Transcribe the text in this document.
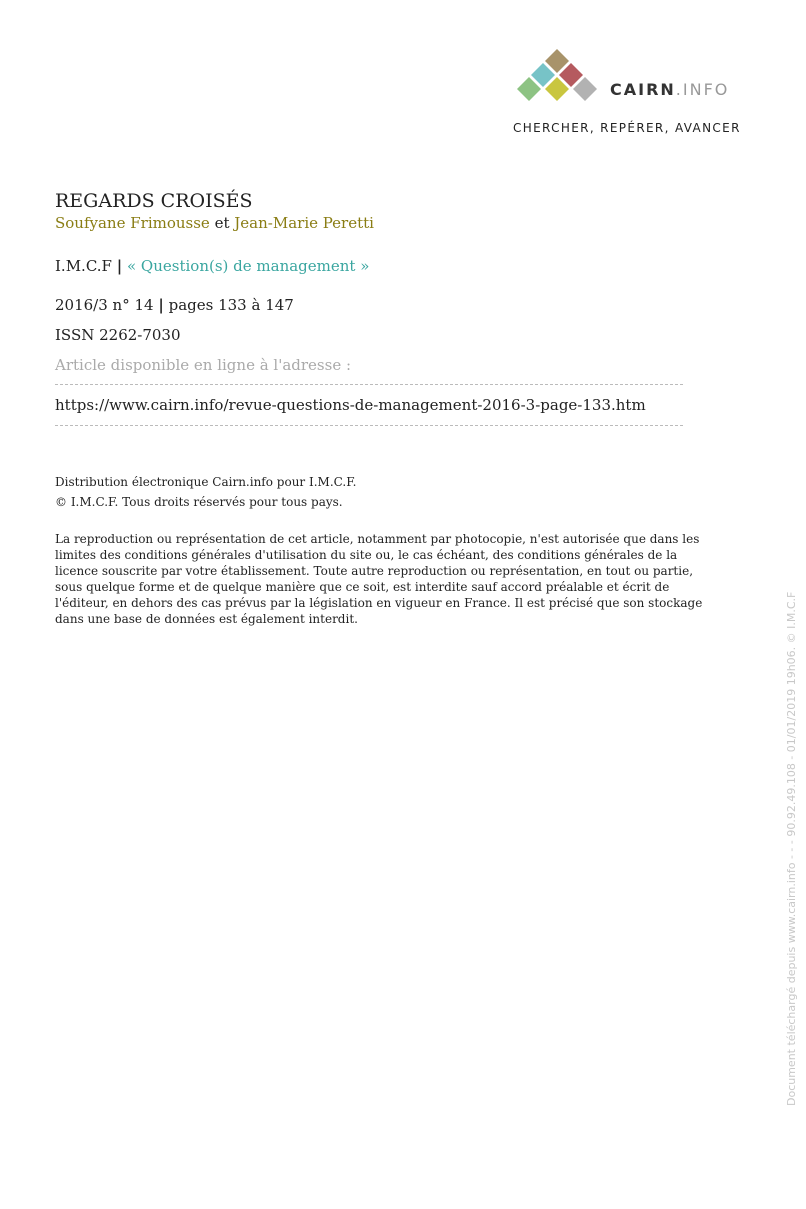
CAIRN.INFO
CHERCHER, REPÉRER, AVANCER
REGARDS CROISÉS
Soufyane Frimousse et Jean-Marie Peretti
I.M.C.F | « Question(s) de management »
2016/3 n° 14 | pages 133 à 147
ISSN 2262-7030
Article disponible en ligne à l'adresse :
https://www.cairn.info/revue-questions-de-management-2016-3-page-133.htm
Distribution électronique Cairn.info pour I.M.C.F.
© I.M.C.F. Tous droits réservés pour tous pays.

La reproduction ou représentation de cet article, notamment par photocopie, n'est autorisée que dans les

limites des conditions générales d'utilisation du site ou, le cas échéant, des conditions générales de la

licence souscrite par votre établissement. Toute autre reproduction ou représentation, en tout ou partie,

sous quelque forme et de quelque manière que ce soit, est interdite sauf accord préalable et écrit de

l'éditeur, en dehors des cas prévus par la législation en vigueur en France. Il est précisé que son stockage

dans une base de données est également interdit.	Document téléchargé depuis www.cairn.info - - - 90.92.49.108 - 01/01/2019 19h06. © I.M.C.F
